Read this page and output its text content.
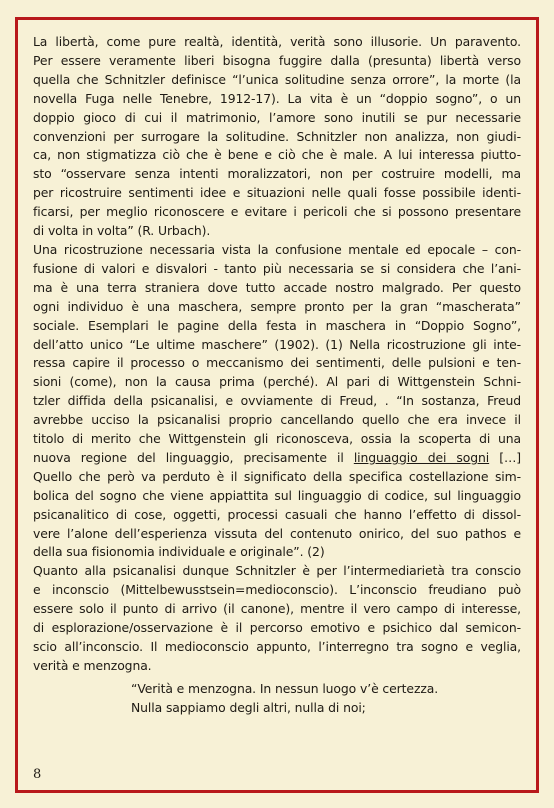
La libertà, come pure realtà, identità, verità sono illusorie. Un paravento.
Per essere veramente liberi bisogna fuggire dalla (presunta) libertà verso
quella che Schnitzler definisce “l’unica solitudine senza orrore”, la morte (la
novella Fuga nelle Tenebre, 1912-17). La vita è un “doppio sogno”, o un
doppio gioco di cui il matrimonio, l’amore sono inutili se pur necessarie
convenzioni per surrogare la solitudine. Schnitzler non analizza, non giudi-
ca, non stigmatizza ciò che è bene e ciò che è male. A lui interessa piutto-
sto “osservare senza intenti moralizzatori, non per costruire modelli, ma
per ricostruire sentimenti idee e situazioni nelle quali fosse possibile identi-
ficarsi, per meglio riconoscere e evitare i pericoli che si possono presentare
di volta in volta” (R. Urbach).
Una ricostruzione necessaria vista la confusione mentale ed epocale – con-
fusione di valori e disvalori - tanto più necessaria se si considera che l’ani-
ma è una terra straniera dove tutto accade nostro malgrado. Per questo
ogni individuo è una maschera, sempre pronto per la gran “mascherata”
sociale. Esemplari le pagine della festa in maschera in “Doppio Sogno”,
dell’atto unico “Le ultime maschere” (1902). (1) Nella ricostruzione gli inte-
ressa capire il processo o meccanismo dei sentimenti, delle pulsioni e ten-
sioni (come), non la causa prima (perché). Al pari di Wittgenstein Schni-
tzler diffida della psicanalisi, e ovviamente di Freud, . “In sostanza, Freud
avrebbe ucciso la psicanalisi proprio cancellando quello che era invece il
titolo di merito che Wittgenstein gli riconosceva, ossia la scoperta di una
nuova regione del linguaggio, precisamente il linguaggio dei sogni […]
Quello che però va perduto è il significato della specifica costellazione sim-
bolica del sogno che viene appiattita sul linguaggio di codice, sul linguaggio
psicanalitico di cose, oggetti, processi casuali che hanno l’effetto di dissol-
vere l’alone dell’esperienza vissuta del contenuto onirico, del suo pathos e
della sua fisionomia individuale e originale”. (2)
Quanto alla psicanalisi dunque Schnitzler è per l’intermediarietà tra conscio
e inconscio (Mittelbewusstsein=medioconscio). L’inconscio freudiano può
essere solo il punto di arrivo (il canone), mentre il vero campo di interesse,
di esplorazione/osservazione è il percorso emotivo e psichico dal semicon-
scio all’inconscio. Il medioconscio appunto, l’interregno tra sogno e veglia,
verità e menzogna.
“Verità e menzogna. In nessun luogo v’è certezza.
Nulla sappiamo degli altri, nulla di noi;
8
